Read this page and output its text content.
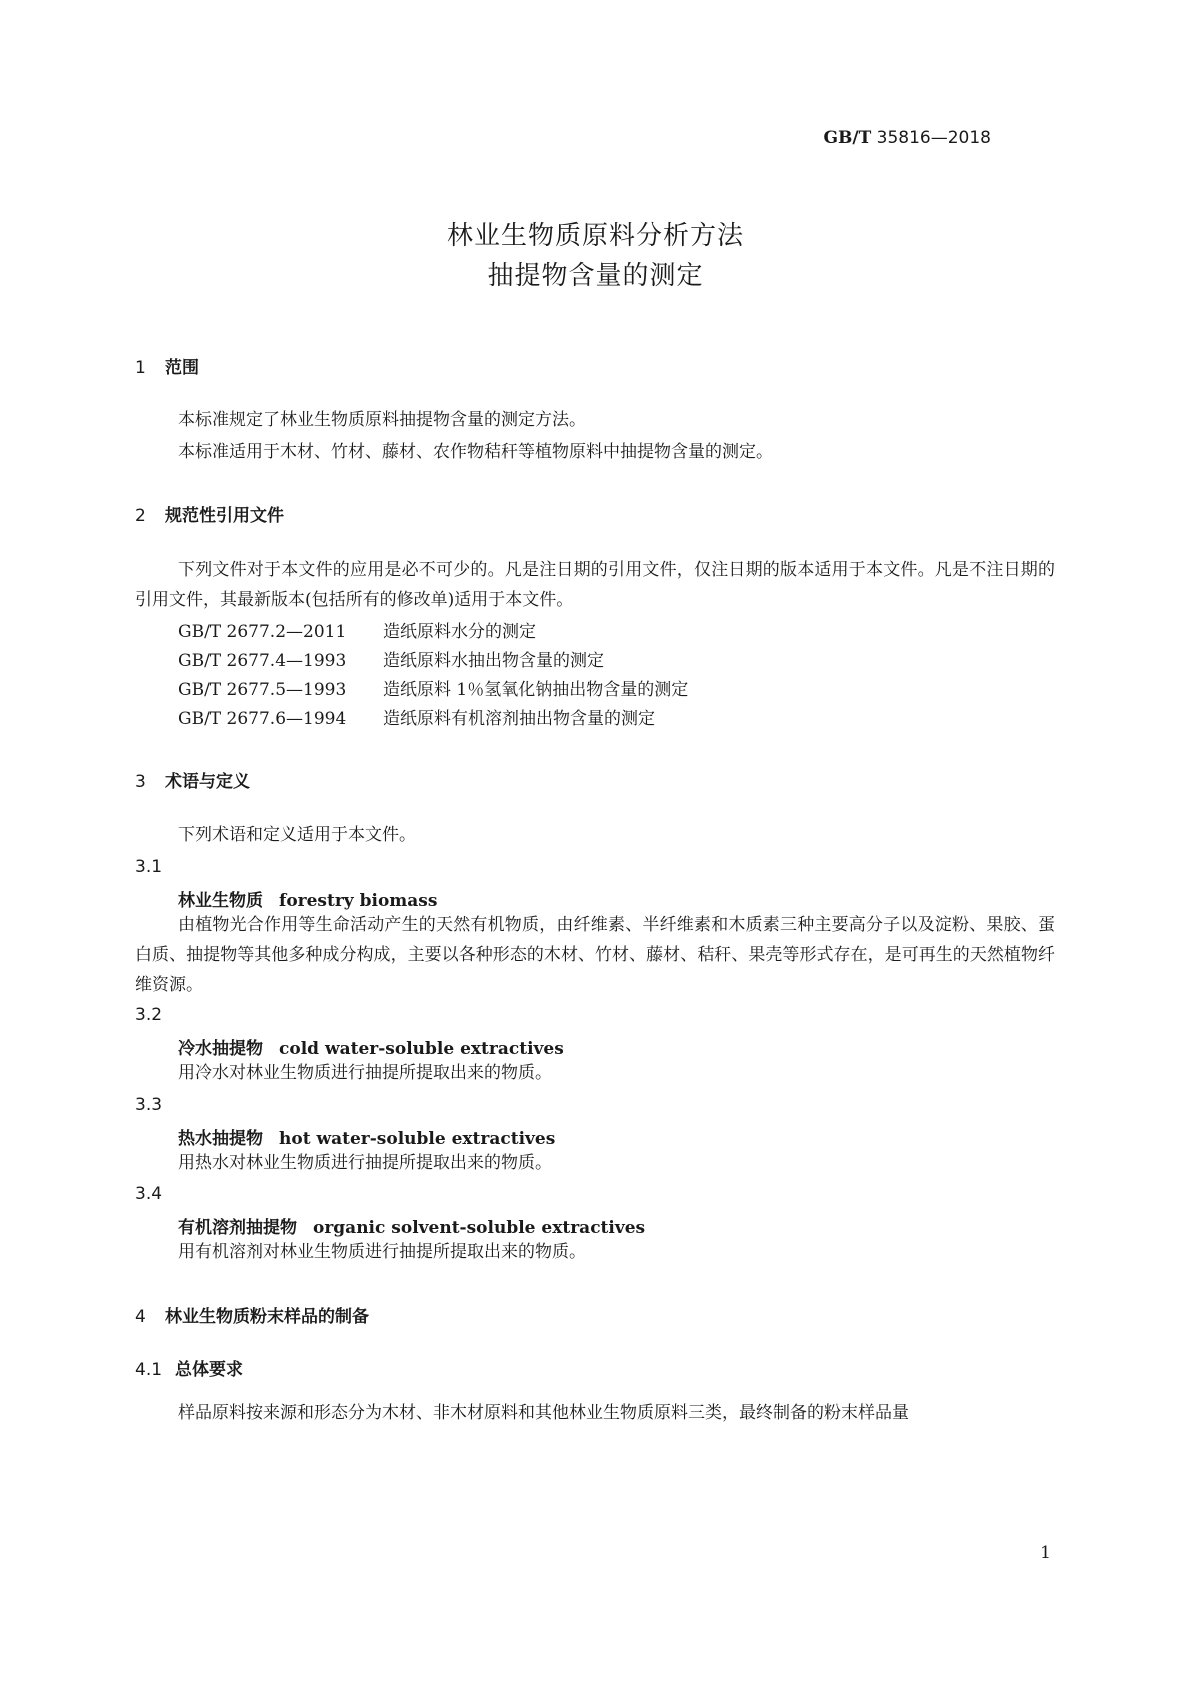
GB/T 35816—2018
林业生物质原料分析方法
抽提物含量的测定
1 范围
本标准规定了林业生物质原料抽提物含量的测定方法。
本标准适用于木材、竹材、藤材、农作物秸秆等植物原料中抽提物含量的测定。
2 规范性引用文件
下列文件对于本文件的应用是必不可少的。凡是注日期的引用文件，仅注日期的版本适用于本文件。凡是不注日期的引用文件，其最新版本(包括所有的修改单)适用于本文件。
GB/T 2677.2—2011 造纸原料水分的测定
GB/T 2677.4—1993 造纸原料水抽出物含量的测定
GB/T 2677.5—1993 造纸原料 1％氢氧化钠抽出物含量的测定
GB/T 2677.6—1994 造纸原料有机溶剂抽出物含量的测定
3 术语与定义
下列术语和定义适用于本文件。
3.1
林业生物质 forestry biomass
由植物光合作用等生命活动产生的天然有机物质，由纤维素、半纤维素和木质素三种主要高分子以及淀粉、果胶、蛋白质、抽提物等其他多种成分构成，主要以各种形态的木材、竹材、藤材、秸秆、果壳等形式存在，是可再生的天然植物纤维资源。
3.2
冷水抽提物 cold water-soluble extractives
用冷水对林业生物质进行抽提所提取出来的物质。
3.3
热水抽提物 hot water-soluble extractives
用热水对林业生物质进行抽提所提取出来的物质。
3.4
有机溶剂抽提物 organic solvent-soluble extractives
用有机溶剂对林业生物质进行抽提所提取出来的物质。
4 林业生物质粉末样品的制备
4.1 总体要求
样品原料按来源和形态分为木材、非木材原料和其他林业生物质原料三类，最终制备的粉末样品量
1
